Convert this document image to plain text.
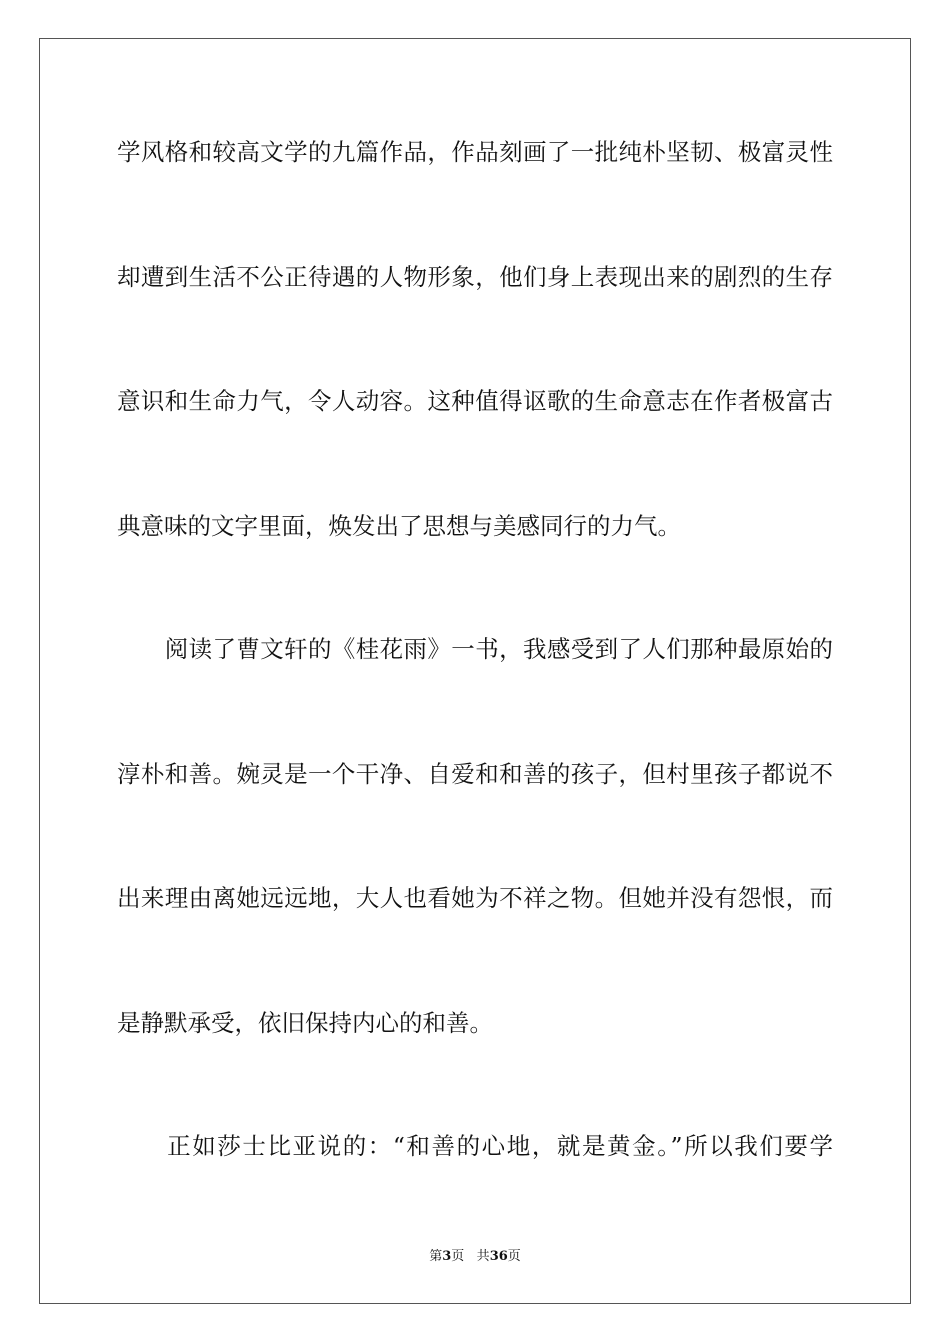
学风格和较高文学的九篇作品，作品刻画了一批纯朴坚韧、极富灵性
却遭到生活不公正待遇的人物形象，他们身上表现出来的剧烈的生存
意识和生命力气，令人动容。这种值得讴歌的生命意志在作者极富古
典意味的文字里面，焕发出了思想与美感同行的力气。
　　阅读了曹文轩的《桂花雨》一书，我感受到了人们那种最原始的
淳朴和善。婉灵是一个干净、自爱和和善的孩子，但村里孩子都说不
出来理由离她远远地，大人也看她为不祥之物。但她并没有怨恨，而
是静默承受，依旧保持内心的和善。
　　正如莎士比亚说的：“和善的心地，就是黄金。”所以我们要学
第3页 共36页
